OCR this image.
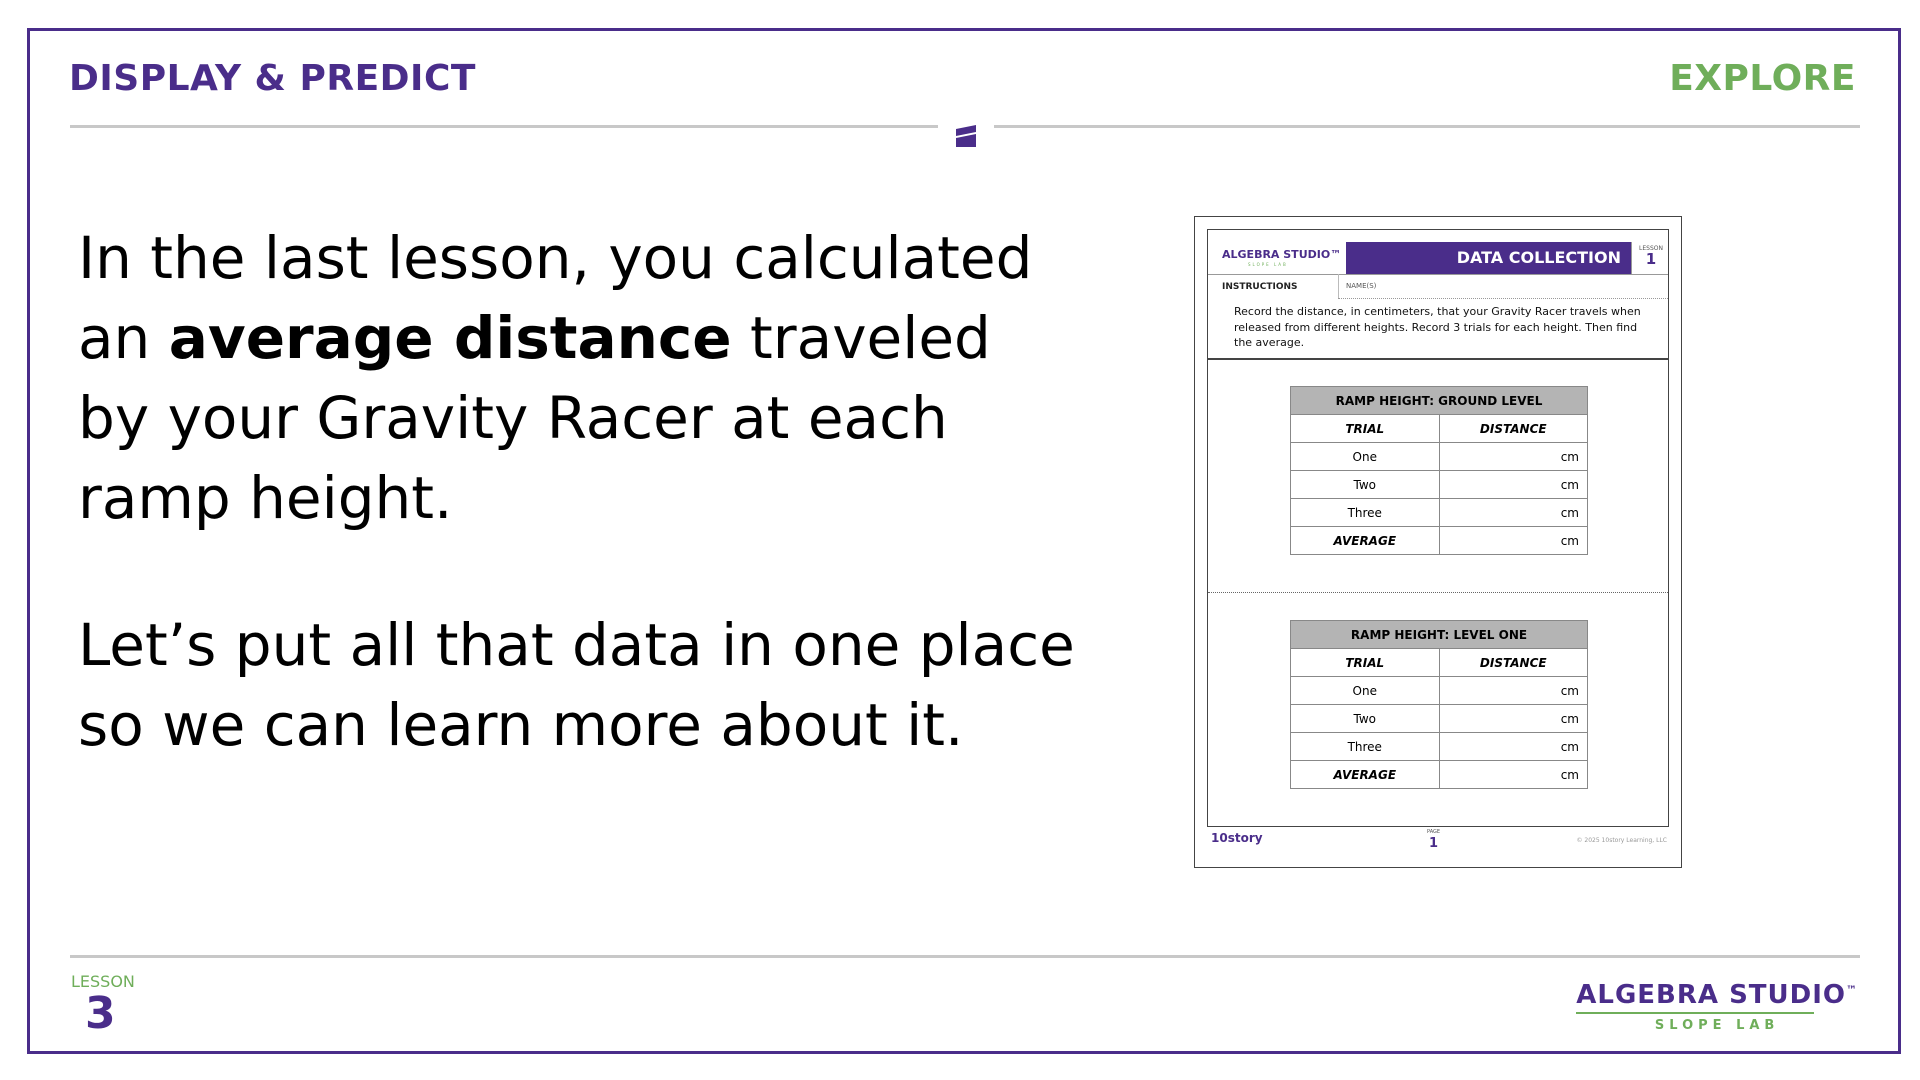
DISPLAY & PREDICT	EXPLORE
In the last lesson, you calculated an average distance traveled by your Gravity Racer at each ramp height.
Let’s put all that data in one place so we can learn more about it.
ALGEBRA STUDIO™
SLOPE LAB	DATA COLLECTION	LESSON
1
INSTRUCTIONS	NAME(S)
Record the distance, in centimeters, that your Gravity Racer travels when released from different heights. Record 3 trials for each height. Then find the average.
RAMP HEIGHT: GROUND LEVEL	
TRIAL	DISTANCE
One	cm
Two	cm
Three	cm
AVERAGE	cm
RAMP HEIGHT: LEVEL ONE	
TRIAL	DISTANCE
One	cm
Two	cm
Three	cm
AVERAGE	cm
10story	PAGE
1	© 2025 10story Learning, LLC
LESSON
3	ALGEBRA STUDIO™
SLOPE LAB
